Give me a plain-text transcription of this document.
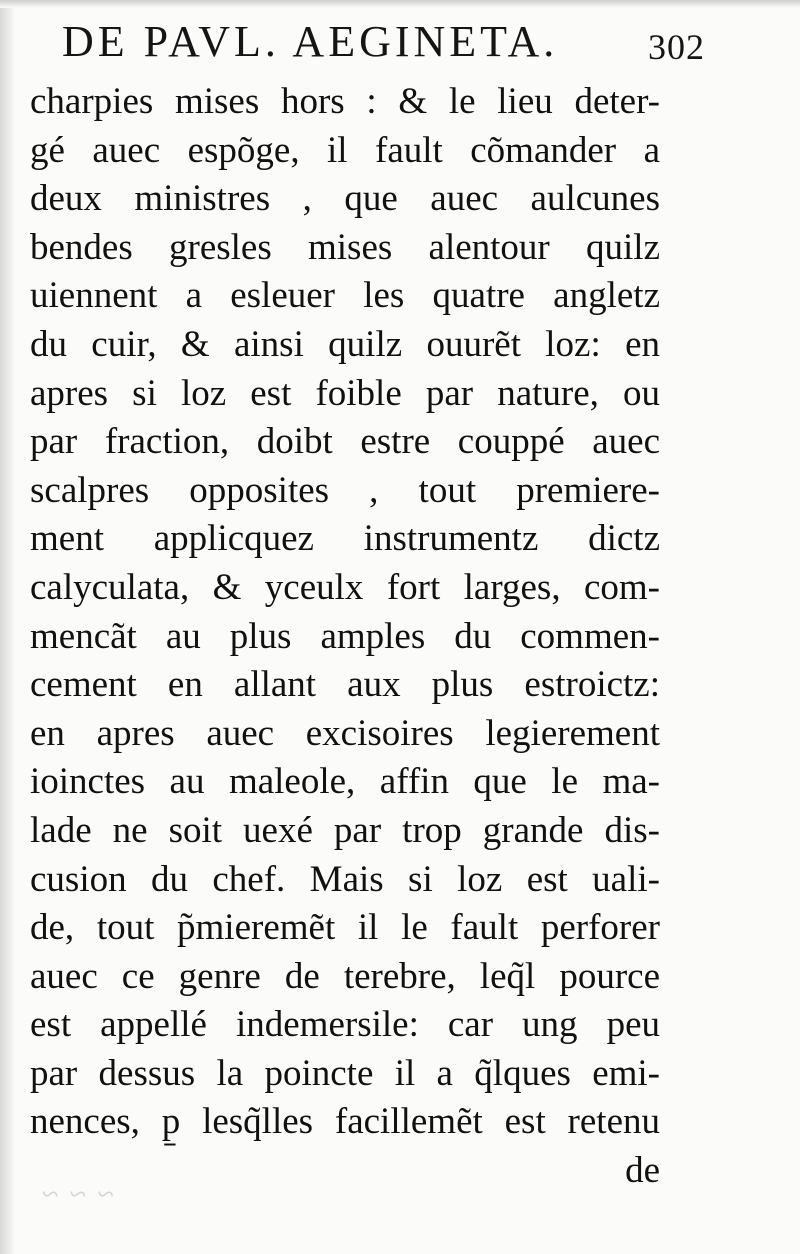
DE PAVL. AEGINETA. 302
charpies mises hors : & le lieu deter-
gé auec espõge, il fault cõmander a
deux ministres , que auec aulcunes
bendes gresles mises alentour quilz
uiennent a esleuer les quatre angletz
du cuir, & ainsi quilz ouurẽt loz: en
apres si loz est foible par nature, ou
par fraction, doibt estre couppé auec
scalpres opposites , tout premiere-
ment applicquez instrumentz dictz
calyculata, & yceulx fort larges, com-
mencãt au plus amples du commen-
cement en allant aux plus estroictz:
en apres auec excisoires legierement
ioinctes au maleole, affin que le ma-
lade ne soit uexé par trop grande dis-
cusion du chef. Mais si loz est uali-
de, tout p̃mieremẽt il le fault perforer
auec ce genre de terebre, leq̃l pource
est appellé indemersile: car ung peu
par dessus la poincte il a q̃lques emi-
nences, p̱ lesq̃lles facillemẽt est retenu
de
~ ~ ~
